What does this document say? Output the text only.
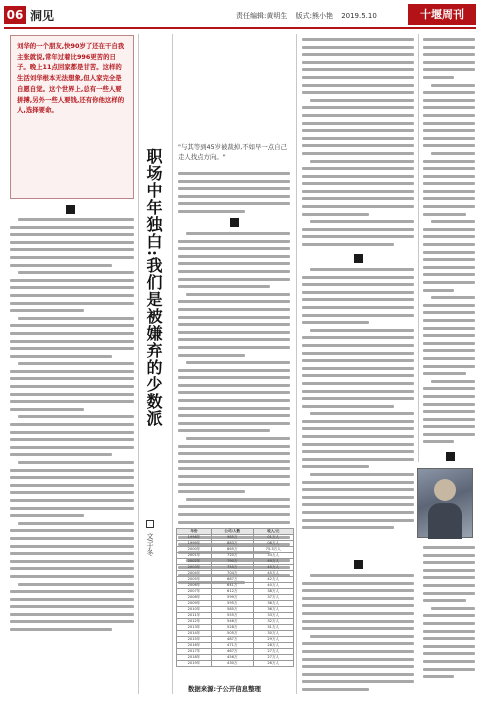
06 洞见	责任编辑:黄明生 版式:熊小艳 2019.5.10	十堰周刊
刘华的一个朋友,快90岁了还在干自我主张就说,常年过着比996更苦的日子。晚上11点回家都是甘苦。这样的生活刘华根本无法想象,但人家完全是自愿自觉。这个世界上,总有一些人要拼搏,另外一些人要钱,还有你他这样的人,选择要命。
职场中年独白:我们是被嫌弃的少数派
文/于冬
"与其等到45岁被裁掉,不如早一点自己走人找点方向。"
年份	公司/人数	收入/元
1998年	985万	01万人
1999年	883万	08万人
2000年	865万	75.3万人
2001年	720万	33万人
2002年	790万	49万人
2003年	755万	45万人
2004年	704万	45万人
2005年	687万	42万人
2006年	641万	40万人
2007年	612万	38万人
2008年	599万	37万人
2009年	595万	36万人
2010年	585万	36万人
2011年	555万	33万人
2012年	546万	32万人
2013年	528万	31万人
2014年	505万	30万人
2015年	487万	29万人
2016年	471万	28万人
2017年	467万	27万人
2018年	456万	27万人
2019年	430万	26万人
数据来源:子公开信息整理
